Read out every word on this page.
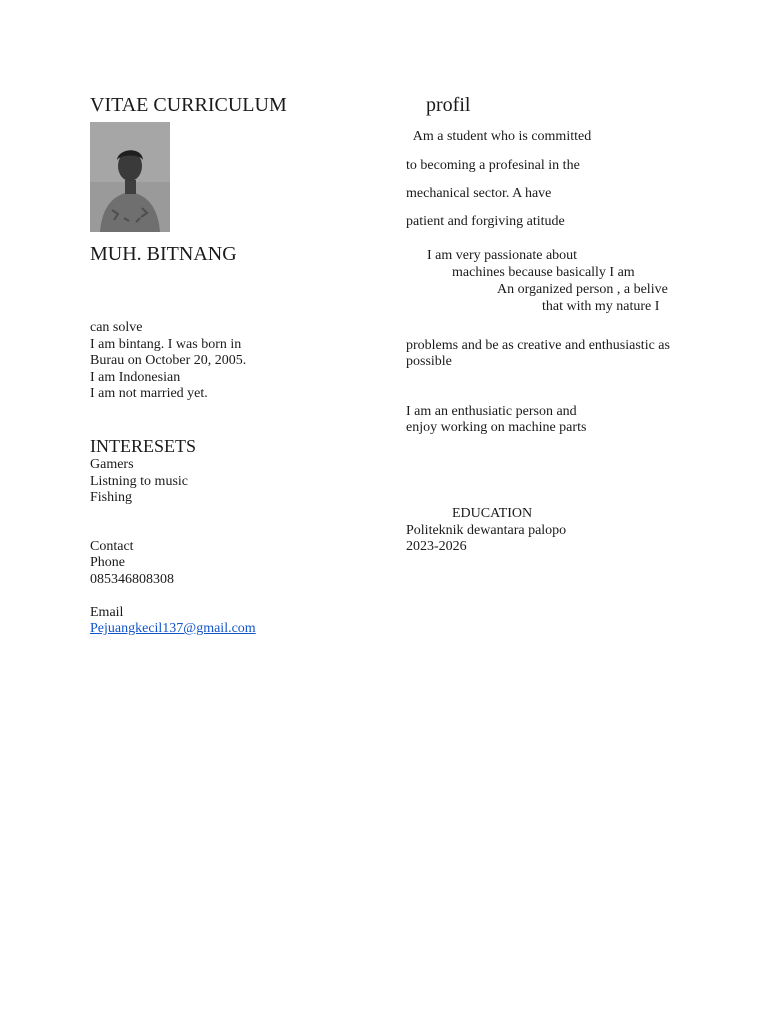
VITAE CURRICULUM
MUH. BITNANG
can solve
I am bintang. I was born in
Burau on October 20, 2005.
I am Indonesian
I am not married yet.
INTERESETS
Gamers
Listning to music
Fishing
Contact
Phone
085346808308
Email
Pejuangkecil137@gmail.com
profil
Am a student who is committed
to becoming a profesinal in the
mechanical sector. A have
patient and forgiving atitude
I am very passionate about
machines because basically I am
An organized person , a belive
that with my nature I
problems and be as creative and enthusiastic as
possible
I am an enthusiatic person and
enjoy working on machine parts
EDUCATION
Politeknik dewantara palopo
2023-2026
